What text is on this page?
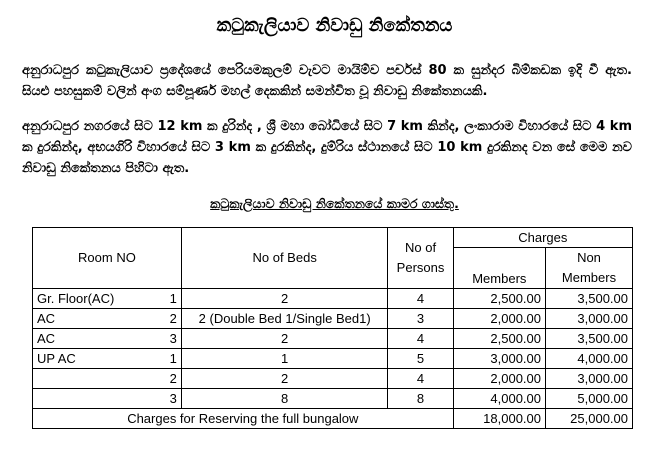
කටුකැලියාව නිවාඩු නිකේතනය
අනුරාධපුර කටුකැලියාව ප්‍රදේශයේ පෙරියමකුලම් වැවට මායිම්ව පර්චස් 80 ක සුන්දර බිම්කඩක ඉදි වී ඇත. සියළු පහසුකම් වලින් අංග සම්පූර්ණ මහල් දෙකකින් සමන්විත වූ නිවාඩු නිකේතනයකි.
අනුරාධපුර නගරයේ සිට 12 km ක දුරින්ද , ශ්‍රී මහා බෝධියේ සිට 7 km කින්ද, ලංකාරාම විහාරයේ සිට 4 km ක දුරකින්ද, අභයගිරි විහාරයේ සිට 3 km ක දුරකින්ද, දුම්රිය ස්ථානයේ සිට 10 km දුරකිනද වන සේ මෙම නව නිවාඩු නිකේතනය පිහිටා ඇත.
කටුකැලියාව නිවාඩු නිකේතනයේ කාමර ගාස්තු.
Room NO	No of Beds	No of Persons	Charges	
			Members	Non Members

Gr. Floor(AC) 1	2	4	2,500.00	3,500.00

AC 2	2 (Double Bed 1/Single Bed1)	3	2,000.00	3,000.00

AC 3	2	4	2,500.00	3,500.00

UP AC 1	1	5	3,000.00	4,000.00

2	2	4	2,000.00	3,000.00

3	8	8	4,000.00	5,000.00
Charges for Reserving the full bungalow			18,000.00	25,000.00
